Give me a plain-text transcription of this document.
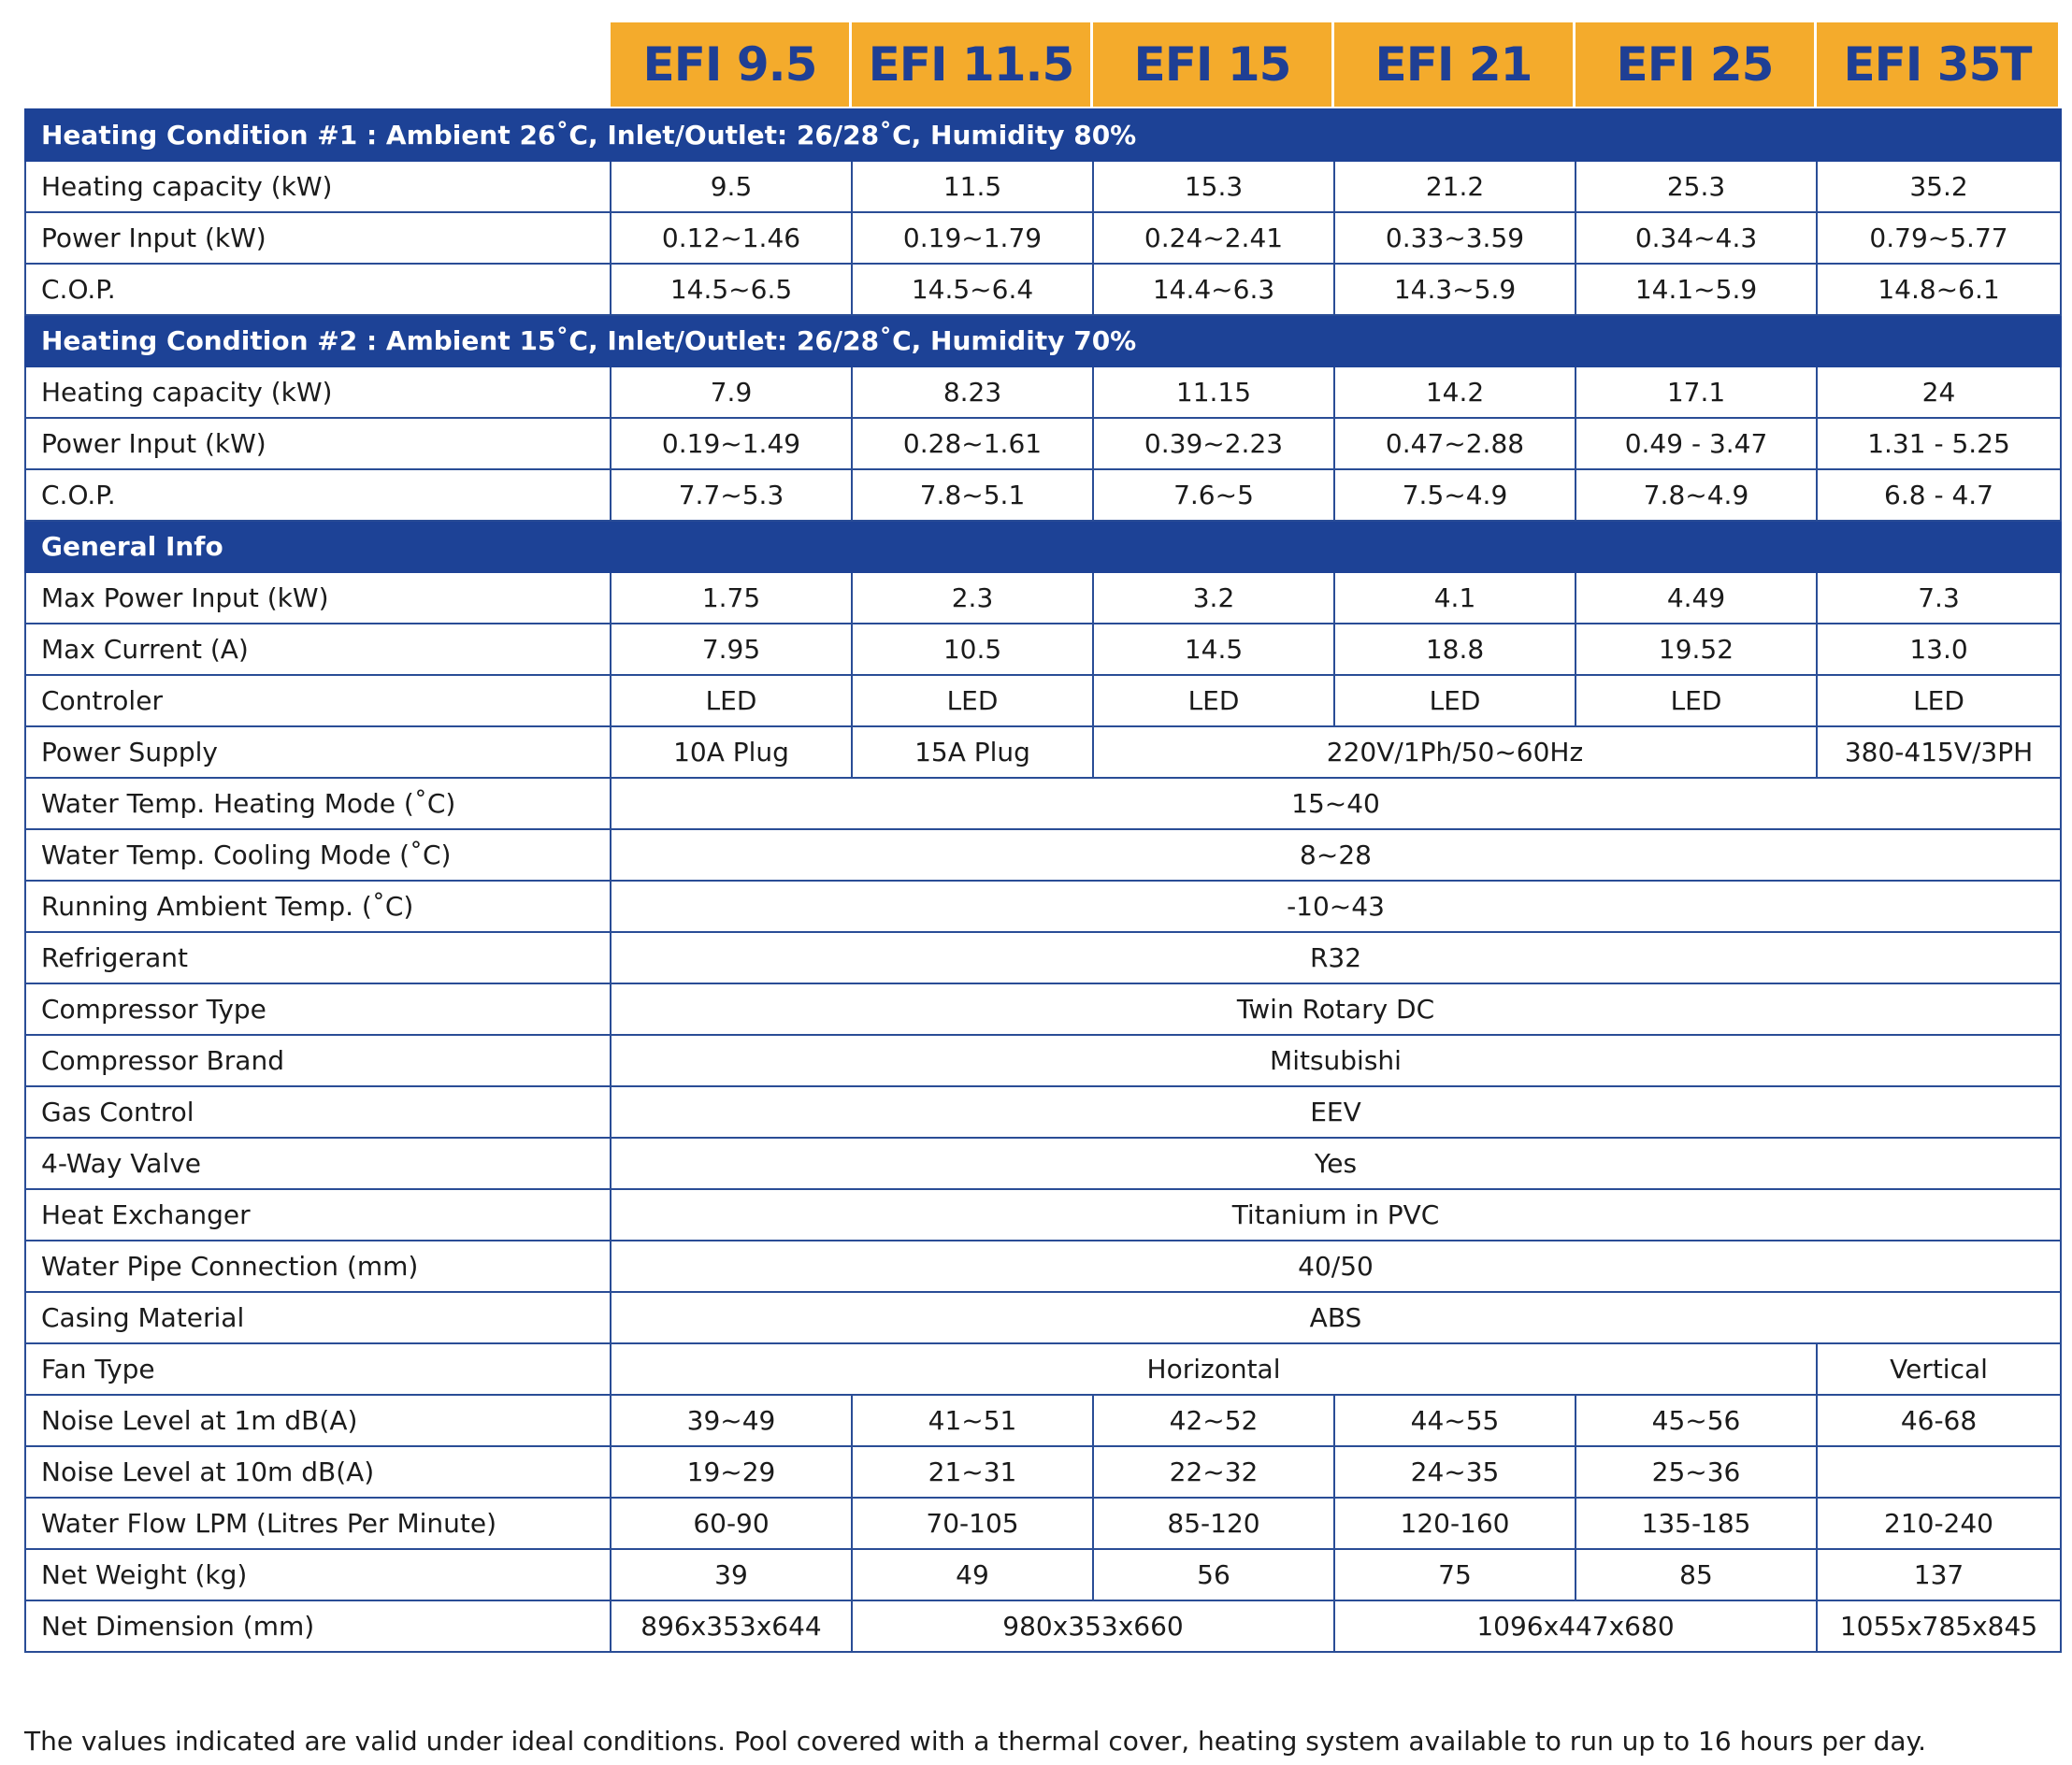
EFI 9.5	EFI 11.5	EFI 15	EFI 21	EFI 25	EFI 35T
Heating Condition #1 : Ambient 26˚C, Inlet/Outlet: 26/28˚C, Humidity 80%						
Heating capacity (kW)	9.5	11.5	15.3	21.2	25.3	35.2
Power Input (kW)	0.12~1.46	0.19~1.79	0.24~2.41	0.33~3.59	0.34~4.3	0.79~5.77
C.O.P.	14.5~6.5	14.5~6.4	14.4~6.3	14.3~5.9	14.1~5.9	14.8~6.1
Heating Condition #2 : Ambient 15˚C, Inlet/Outlet: 26/28˚C, Humidity 70%						
Heating capacity (kW)	7.9	8.23	11.15	14.2	17.1	24
Power Input (kW)	0.19~1.49	0.28~1.61	0.39~2.23	0.47~2.88	0.49 - 3.47	1.31 - 5.25
C.O.P.	7.7~5.3	7.8~5.1	7.6~5	7.5~4.9	7.8~4.9	6.8 - 4.7
General Info						
Max Power Input (kW)	1.75	2.3	3.2	4.1	4.49	7.3
Max Current (A)	7.95	10.5	14.5	18.8	19.52	13.0
Controler	LED	LED	LED	LED	LED	LED
Power Supply	10A Plug	15A Plug	220V/1Ph/50~60Hz			380-415V/3PH
Water Temp. Heating Mode (˚C)	15~40					
Water Temp. Cooling Mode (˚C)	8~28					
Running Ambient Temp. (˚C)	-10~43					
Refrigerant	R32					
Compressor Type	Twin Rotary DC					
Compressor Brand	Mitsubishi					
Gas Control	EEV					
4-Way Valve	Yes					
Heat Exchanger	Titanium in PVC					
Water Pipe Connection (mm)	40/50					
Casing Material	ABS					
Fan Type	Horizontal					Vertical
Noise Level at 1m dB(A)	39~49	41~51	42~52	44~55	45~56	46-68
Noise Level at 10m dB(A)	19~29	21~31	22~32	24~35	25~36	
Water Flow LPM (Litres Per Minute)	60-90	70-105	85-120	120-160	135-185	210-240
Net Weight (kg)	39	49	56	75	85	137
Net Dimension (mm)	896x353x644	980x353x660		1096x447x680		1055x785x845
The values indicated are valid under ideal conditions. Pool covered with a thermal cover, heating system available to run up to 16 hours per day.
